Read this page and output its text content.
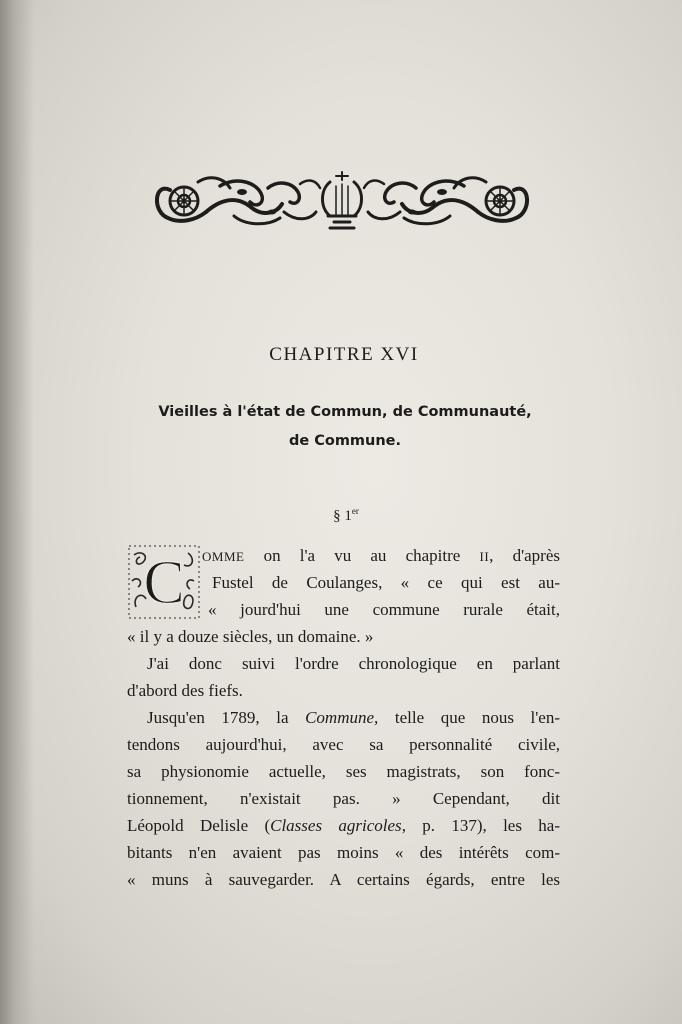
CHAPITRE XVI
Vieilles à l'état de Commun, de Communauté,
de Commune.
§ 1er
C OMME on l'a vu au chapitre II, d'après
Fustel de Coulanges, « ce qui est au-
« jourd'hui une commune rurale était,
« il y a douze siècles, un domaine. »
J'ai donc suivi l'ordre chronologique en parlant
d'abord des fiefs.
Jusqu'en 1789, la Commune, telle que nous l'en-
tendons aujourd'hui, avec sa personnalité civile,
sa physionomie actuelle, ses magistrats, son fonc-
tionnement, n'existait pas. » Cependant, dit
Léopold Delisle (Classes agricoles, p. 137), les ha-
bitants n'en avaient pas moins « des intérêts com-
« muns à sauvegarder. A certains égards, entre les
